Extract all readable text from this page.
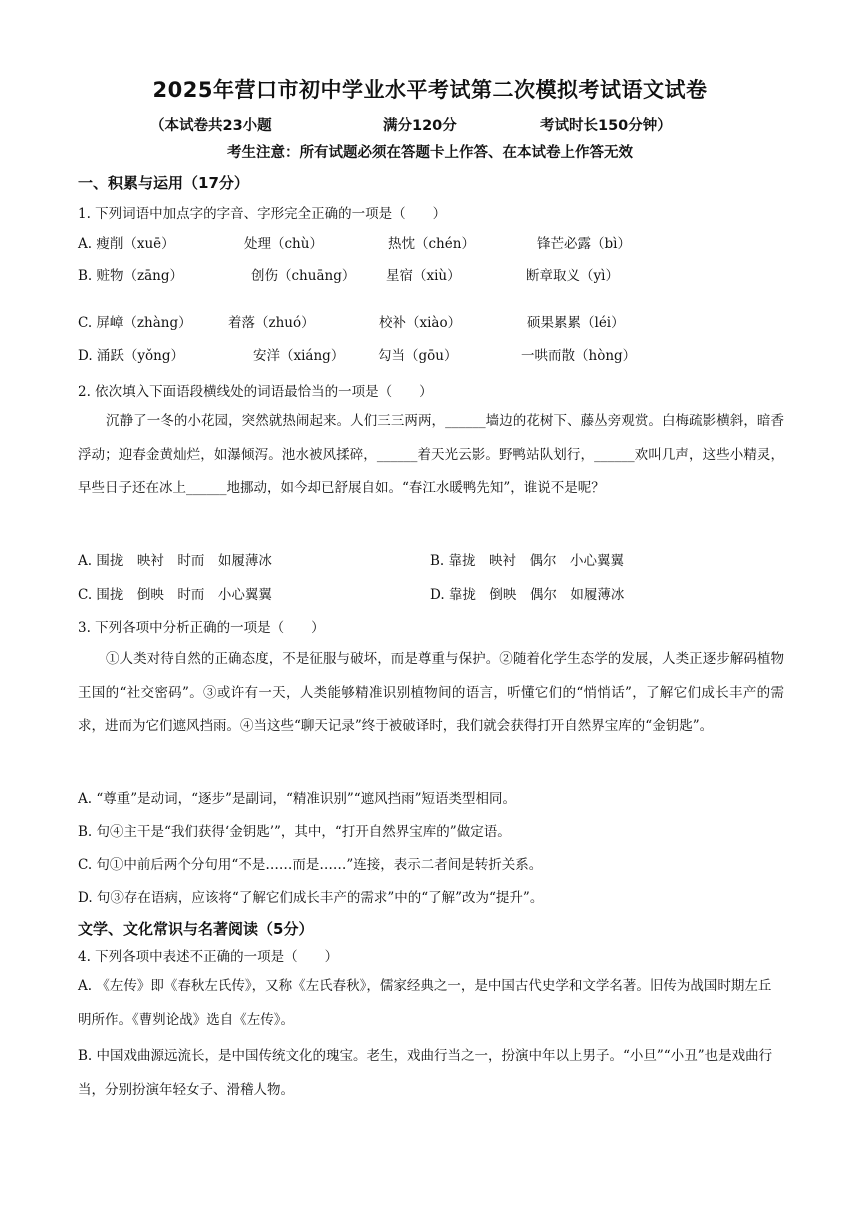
2025年营口市初中学业水平考试第二次模拟考试语文试卷
（本试卷共23小题	满分120分	考试时长150分钟）
考生注意：所有试题必须在答题卡上作答、在本试卷上作答无效
一、积累与运用（17分）
1. 下列词语中加点字的字音、字形完全正确的一项是（　　）
A. 瘦削（xuē）	处理（chù）	热忱（chén）	锋芒必露（bì）
B. 赃物（zāng）	创伤（chuāng） 星宿（xiù）	断章取义（yì）
C. 屏嶂（zhàng）	着落（zhuó）	校补（xiào）	硕果累累（léi）
D. 涌跃（yǒng）	安洋（xiáng） 勾当（gōu）	一哄而散（hòng）
2. 依次填入下面语段横线处的词语最恰当的一项是（　　）
沉静了一冬的小花园，突然就热闹起来。人们三三两两，______墙边的花树下、藤丛旁观赏。白梅疏影横斜，暗香浮动；迎春金黄灿烂，如瀑倾泻。池水被风揉碎，______着天光云影。野鸭站队划行，______欢叫几声，这些小精灵，早些日子还在冰上______地挪动，如今却已舒展自如。“春江水暖鸭先知”，谁说不是呢？
A. 围拢　映衬　时而　如履薄冰	B. 靠拢　映衬　偶尔　小心翼翼
C. 围拢　倒映　时而　小心翼翼	D. 靠拢　倒映　偶尔　如履薄冰
3. 下列各项中分析正确的一项是（　　）
①人类对待自然的正确态度，不是征服与破坏，而是尊重与保护。②随着化学生态学的发展，人类正逐步解码植物王国的“社交密码”。③或许有一天，人类能够精准识别植物间的语言，听懂它们的“悄悄话”，了解它们成长丰产的需求，进而为它们遮风挡雨。④当这些“聊天记录”终于被破译时，我们就会获得打开自然界宝库的“金钥匙”。
A. “尊重”是动词，“逐步”是副词，“精准识别”“遮风挡雨”短语类型相同。
B. 句④主干是“我们获得‘金钥匙’”，其中，“打开自然界宝库的”做定语。
C. 句①中前后两个分句用“不是……而是……”连接，表示二者间是转折关系。
D. 句③存在语病，应该将“了解它们成长丰产的需求”中的“了解”改为“提升”。
文学、文化常识与名著阅读（5分）
4. 下列各项中表述不正确的一项是（　　）
A. 《左传》即《春秋左氏传》，又称《左氏春秋》，儒家经典之一，是中国古代史学和文学名著。旧传为战国时期左丘明所作。《曹刿论战》选自《左传》。
B. 中国戏曲源远流长，是中国传统文化的瑰宝。老生，戏曲行当之一，扮演中年以上男子。“小旦”“小丑”也是戏曲行当，分别扮演年轻女子、滑稽人物。
